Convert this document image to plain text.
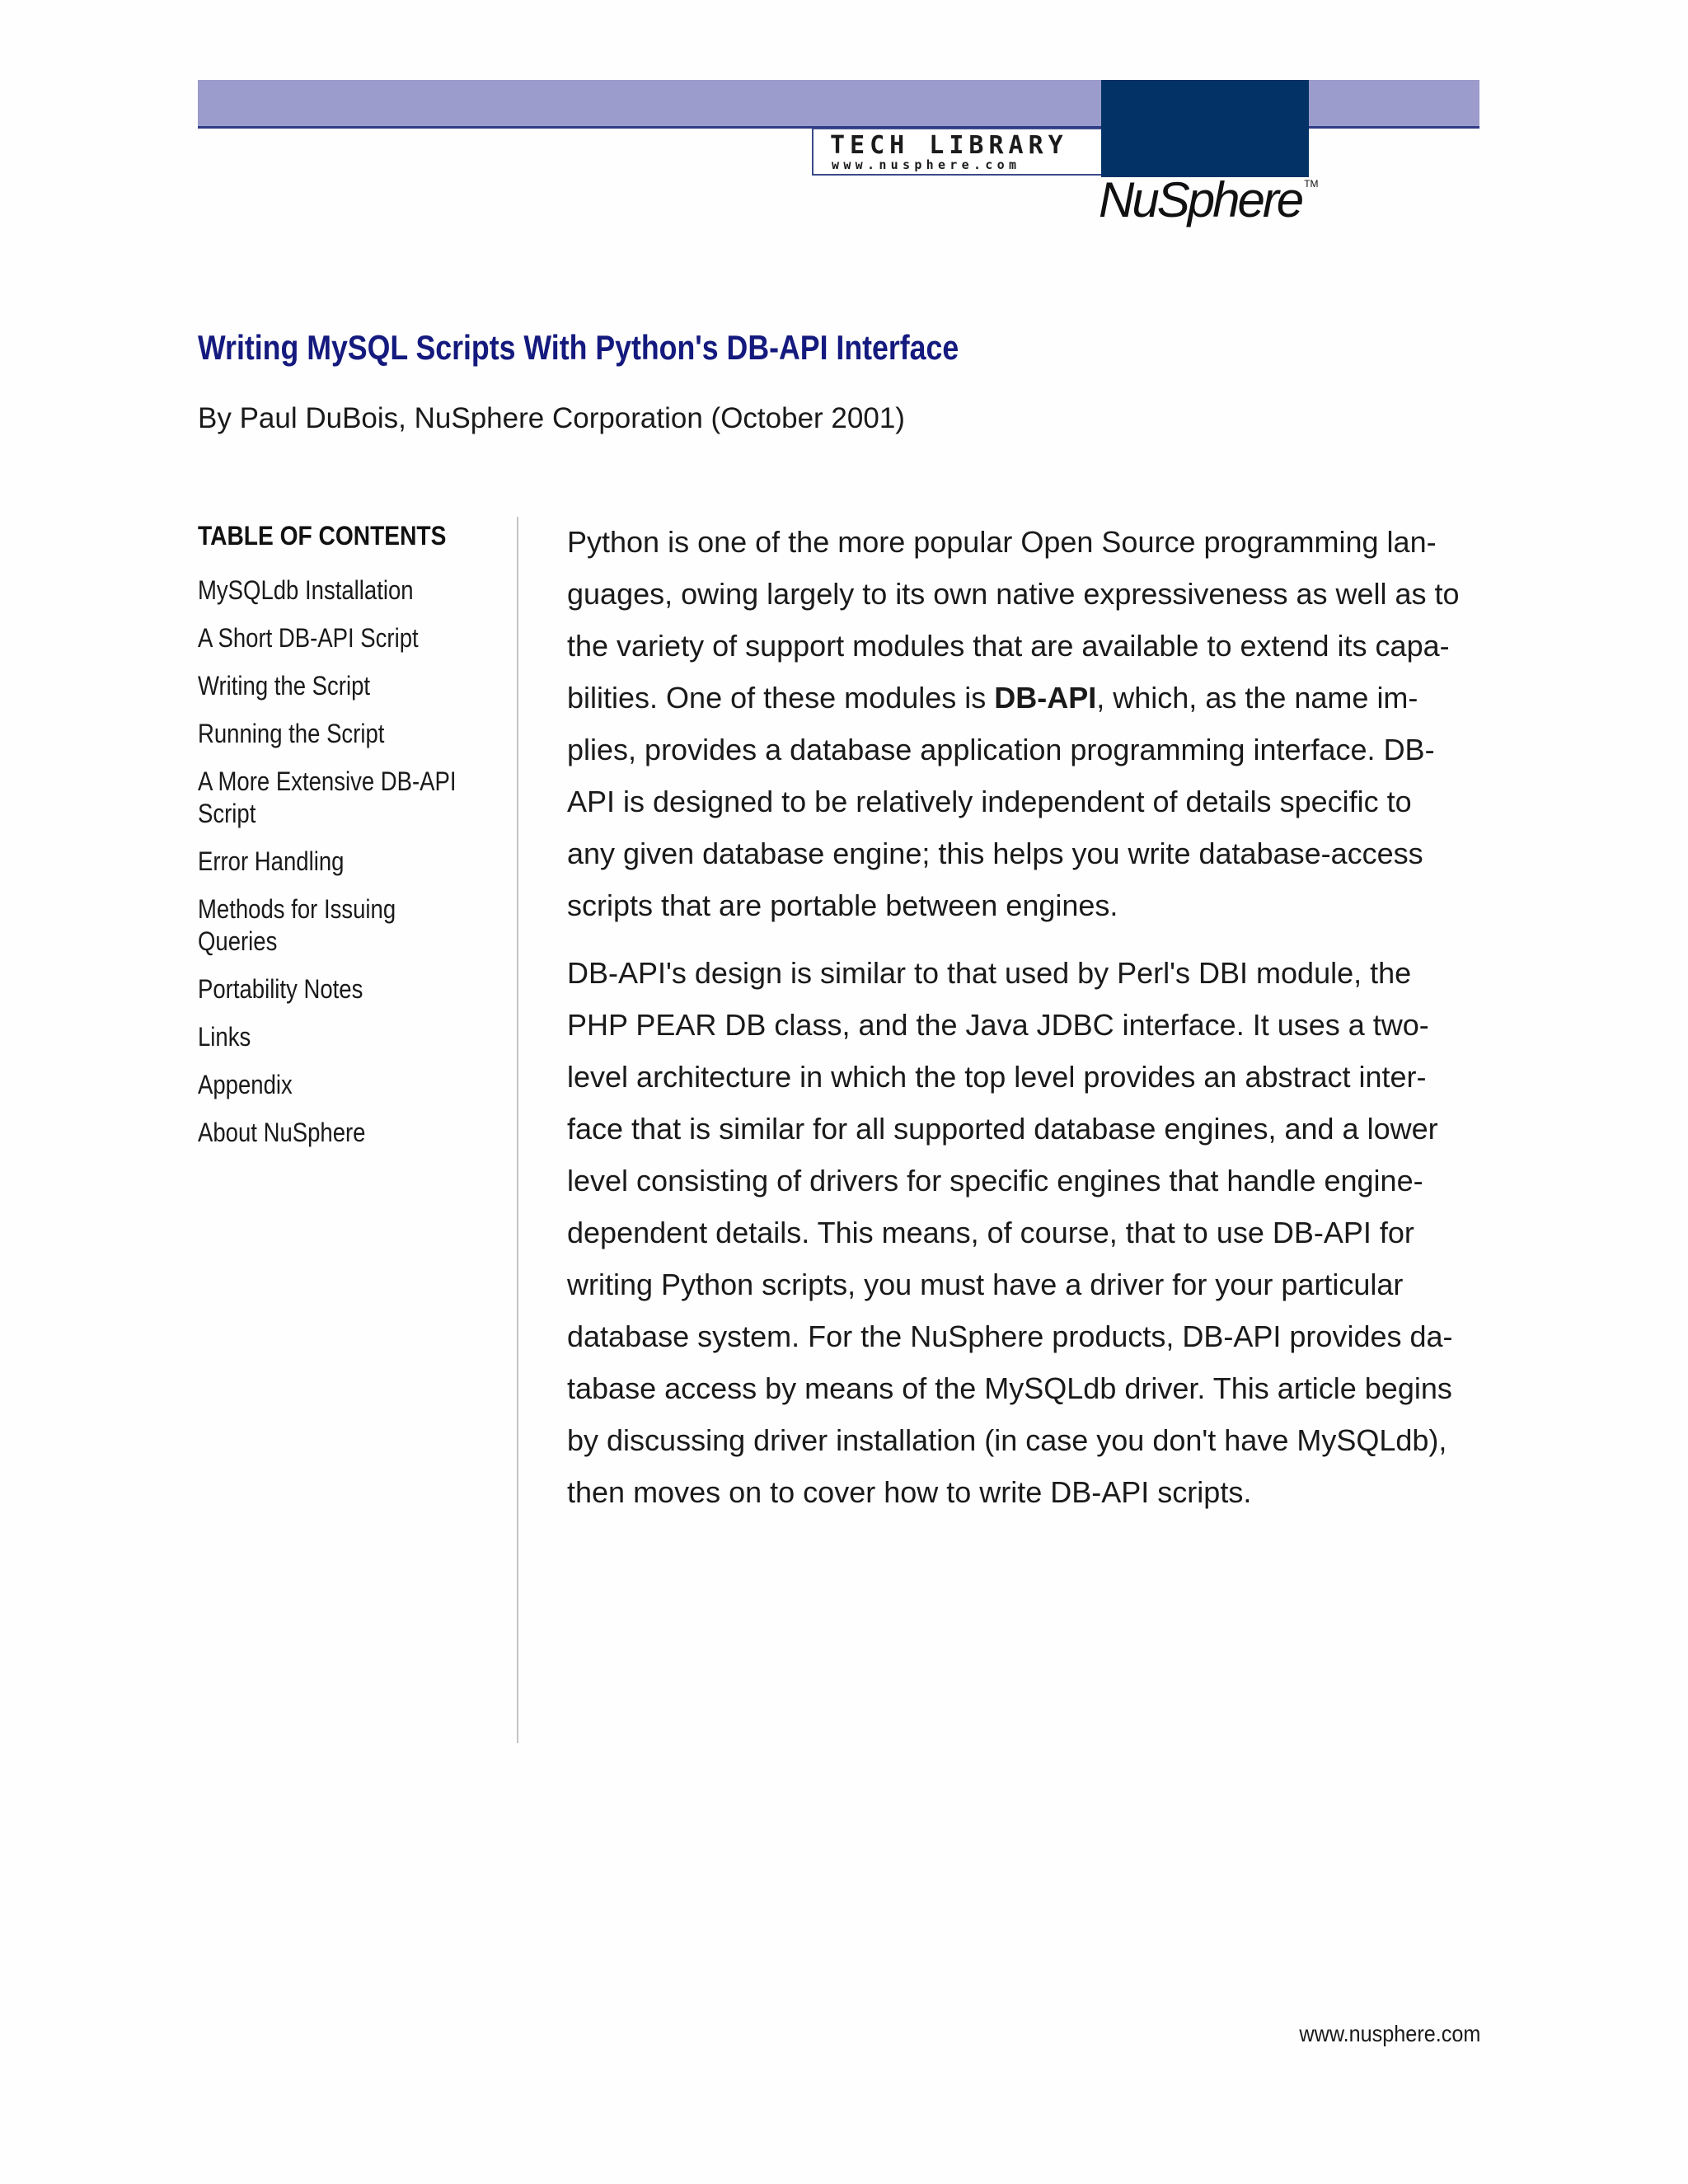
TECH LIBRARY
www.nusphere.com
NuSphere ™
Writing MySQL Scripts With Python's DB-API Interface
By Paul DuBois, NuSphere Corporation (October 2001)
TABLE OF CONTENTS
MySQLdb Installation
A Short DB-API Script
Writing the Script
Running the Script
A More Extensive DB-API Script
Error Handling
Methods for Issuing Queries
Portability Notes
Links
Appendix
About NuSphere

Python is one of the more popular Open Source programming lan-
guages, owing largely to its own native expressiveness as well as to
the variety of support modules that are available to extend its capa-
bilities. One of these modules is DB-API, which, as the name im-
plies, provides a database application programming interface. DB-
API is designed to be relatively independent of details specific to
any given database engine; this helps you write database-access
scripts that are portable between engines.

DB-API's design is similar to that used by Perl's DBI module, the
PHP PEAR DB class, and the Java JDBC interface. It uses a two-
level architecture in which the top level provides an abstract inter-
face that is similar for all supported database engines, and a lower
level consisting of drivers for specific engines that handle engine-
dependent details. This means, of course, that to use DB-API for
writing Python scripts, you must have a driver for your particular
database system. For the NuSphere products, DB-API provides da-
tabase access by means of the MySQLdb driver. This article begins
by discussing driver installation (in case you don't have MySQLdb),
then moves on to cover how to write DB-API scripts.

www.nusphere.com
